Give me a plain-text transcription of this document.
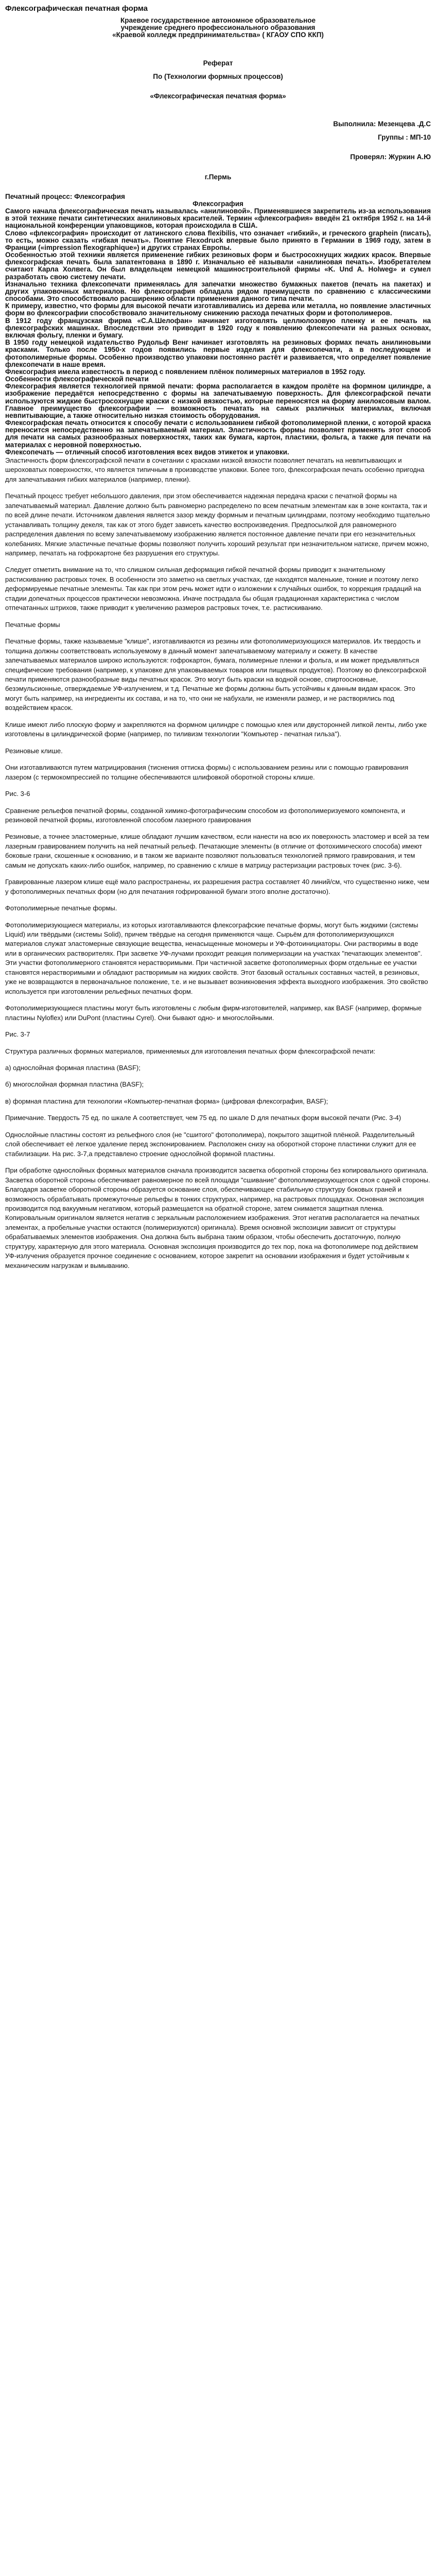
Флексографическая печатная форма
Краевое государственное автономное образовательное
учреждение среднего профессионального образования
«Краевой колледж предпринимательства» ( КГАОУ СПО ККП)
Реферат
По (Технологии формных процессов)
«Флексографическая печатная форма»
Выполнила: Мезенцева .Д.С
Группы : МП-10
Проверял: Журкин А.Ю
г.Пермь
Печатный процесс: Флексография
Флексография
Самого начала флексографическая печать называлась «анилиновой». Применявшиеся закрепитель из-за использования в этой технике печати синтетических анилиновых красителей. Термин «флексография» введён 21 октября 1952 г. на 14-й национальной конференции упаковщиков, которая происходила в США.
Слово «флексография» происходит от латинского слова flexibilis, что означает «гибкий», и греческого graphein (писать), то есть, можно сказать «гибкая печать». Понятие Flexodruck впервые было принято в Германии в 1969 году, затем в Франции («impression flexographique») и других странах Европы.
Особенностью этой техники является применение гибких резиновых форм и быстросохнущих жидких красок. Впервые флексографская печать была запатентована в 1890 г. Изначально её называли «анилиновая печать». Изобретателем считают Карла Холвега. Он был владельцем немецкой машиностроительной фирмы «K. Und A. Holweg» и сумел разработать свою систему печати.
Изначально техника флексопечати применялась для запечатки множество бумажных пакетов (печать на пакетах) и других упаковочных материалов. Но флексография обладала рядом преимуществ по сравнению с классическими способами. Это способствовало расширению области применения данного типа печати.
К примеру, известно, что формы для высокой печати изготавливались из дерева или металла, но появление эластичных форм во флексографии способствовало значительному снижению расхода печатных форм и фотополимеров.
В 1912 году французская фирма «С.А.Шелофан» начинает изготовлять целлюлозовую пленку и ее печать на флексографских машинах. Впоследствии это приводит в 1920 году к появлению флексопечати на разных основах, включая фольгу, пленки и бумагу.
В 1950 году немецкой издательство Рудольф Венг начинает изготовлять на резиновых формах печать анилиновыми красками. Только после 1950-х годов появились первые изделия для флексопечати, а в последующем и фотополимерные формы. Особенно производство упаковки постоянно растёт и развивается, что определяет появление флексопечати в наше время.
Флексография имела известность в период с появлением плёнок полимерных материалов в 1952 году.
Особенности флексографической печати
Флексография является технологией прямой печати: форма располагается в каждом пролёте на формном цилиндре, а изображение передаётся непосредственно с формы на запечатываемую поверхность. Для флексографской печати используются жидкие быстросохнущие краски с низкой вязкостью, которые переносятся на форму анилоксовым валом. Главное преимущество флексографии — возможность печатать на самых различных материалах, включая невпитывающие, а также относительно низкая стоимость оборудования.
Флексографская печать относится к способу печати с использованием гибкой фотополимерной пленки, с которой краска переносится непосредственно на запечатываемый материал. Эластичность формы позволяет применять этот способ для печати на самых разнообразных поверхностях, таких как бумага, картон, пластики, фольга, а также для печати на материалах с неровной поверхностью.
Флексопечать — отличный способ изготовления всех видов этикеток и упаковки.

Эластичность форм флексографской печати в сочетании с красками низкой вязкости позволяет печатать на невпитывающих и шероховатых поверхностях, что является типичным в производстве упаковки. Более того, флексографская печать особенно пригодна для запечатывания гибких материалов (например, пленки).

Печатный процесс требует небольшого давления, при этом обеспечивается надежная передача краски с печатной формы на запечатываемый материал. Давление должно быть равномерно распределено по всем печатным элементам как в зоне контакта, так и по всей длине печати. Источником давления является зазор между формным и печатным цилиндрами, поэтому необходимо тщательно устанавливать толщину декеля, так как от этого будет зависеть качество воспроизведения. Предпосылкой для равномерного распределения давления по всему запечатываемому изображению является постоянное давление печати при его незначительных колебаниях. Мягкие эластичные печатные формы позволяют получить хороший результат при незначительном натиске, причем можно, например, печатать на гофрокартоне без разрушения его структуры.

Следует отметить внимание на то, что слишком сильная деформация гибкой печатной формы приводит к значительному растискиванию растровых точек. В особенности это заметно на светлых участках, где находятся маленькие, тонкие и поэтому легко деформируемые печатные элементы. Так как при этом речь может идти о изложении к случайных ошибок, то коррекция градаций на стадии допечатных процессов практически невозможна. Иначе пострадала бы общая градационная характеристика с числом отпечатанных штрихов, также приводит к увеличению размеров растровых точек, т.е. растискиванию.

Печатные формы

Печатные формы, также называемые "клише", изготавливаются из резины или фотополимеризующихся материалов. Их твердость и толщина должны соответствовать используемому в данный момент запечатываемому материалу и сюжету. В качестве запечатываемых материалов широко используются: гофрокартон, бумага, полимерные пленки и фольга, и им может предъявляться специфические требования (например, к упаковке для упаковываемых товаров или пищевых продуктов). Поэтому во флексографской печати применяются разнообразные виды печатных красок. Это могут быть краски на водной основе, спиртоосновные, безэмульсионные, отверждаемые УФ-излучением, и т.д. Печатные же формы должны быть устойчивы к данным видам красок. Это могут быть например, на ингредиенты их состава, и на то, что они не набухали, не изменяли размер, и не растворялись под воздействием красок.

Клише имеют либо плоскую форму и закрепляются на формном цилиндре с помощью клея или двусторонней липкой ленты, либо уже изготовлены в цилиндрической форме (например, по тиливизм технологии "Компьютер - печатная гильза").

Резиновые клише.

Они изготавливаются путем матрицирования (тиснения оттиска формы) с использованием резины или с помощью гравирования лазером (с термокомпрессией по толщине обеспечиваются шлифовкой оборотной стороны клише.

Рис. 3-6

Сравнение рельефов печатной формы, созданной химико-фотографическим способом из фотополимеризуемого компонента, и резиновой печатной формы, изготовленной способом лазерного гравирования

Резиновые, а точнее эластомерные, клише обладают лучшим качеством, если нанести на всю их поверхность эластомер и всей за тем лазерным гравированием получить на ней печатный рельеф. Печатающие элементы (в отличие от фотохимического способа) имеют боковые грани, скошенные к основанию, и в таком же варианте позволяют пользоваться технологией прямого гравирования, и тем самым не допускать каких-либо ошибок, например, по сравнению с клише в матрицу растеризации растровых точек (рис. 3-6).

Гравированные лазером клише ещё мало распространены, их разрешения растра составляет 40 линий/см, что существенно ниже, чем у фотополимерных печатных форм (но для печатания гофрированной бумаги этого вполне достаточно).

Фотополимерные печатные формы.

Фотополимеризующиеся материалы, из которых изготавливаются флексографские печатные формы, могут быть жидкими (системы Liquid) или твёрдыми (системы Solid), причем твёрдые на сегодня применяются чаще. Сырьём для фотополимеризующихся материалов служат эластомерные связующие вещества, ненасыщенные мономеры и УФ-фотоинициаторы. Они растворимы в воде или в органических растворителях. При засветке УФ-лучами проходит реакция полимеризации на участках "печатающих элементов". Эти участки фотополимерного становятся нерастворимыми. При частичной засветке фотополимерных форм отдельные ее участки становятся нерастворимыми и обладают растворимым на жидких свойств. Этот базовый остальных составных частей, в резиновых, уже не возвращаются в первоначальное положение, т.е. и не вызывает возникновения эффекта выходного изображения. Это свойство используется при изготовлении рельефных печатных форм.

Фотополимеризующиеся пластины могут быть изготовлены с любым фирм-изготовителей, например, как BASF (например, формные пластины Nyloflex) или DuPont (пластины Cyrel). Они бывают одно- и многослойными.

Рис. 3-7

Структура различных формных материалов, применяемых для изготовления печатных форм флексографской печати:

a) однослойная формная пластина (BASF);

б) многослойная формная пластина (BASF);

в) формная пластина для технологии «Компьютер-печатная форма» (цифровая флексография, BASF);

Примечание. Твердость 75 ед. по шкале А соответствует, чем 75 ед. по шкале D для печатных форм высокой печати (Рис. 3-4)

Однослойные пластины состоят из рельефного слоя (не "сшитого" фотополимера), покрытого защитной плёнкой. Разделительный слой обеспечивает её легкое удаление перед экспонированием. Расположен снизу на оборотной стороне пластинки служит для ее стабилизации. На рис. 3-7,а представлено строение однослойной формной пластины.

При обработке однослойных формных материалов сначала производится засветка оборотной стороны без копировального оригинала. Засветка оборотной стороны обеспечивает равномерное по всей площади "сшивание" фотополимеризующегося слоя с одной стороны. Благодаря засветке оборотной стороны образуется основание слоя, обеспечивающее стабильную структуру боковых граней и возможность обрабатывать промежуточные рельефы в тонких структурах, например, на растровых площадках. Основная экспозиция производится под вакуумным негативом, который размещается на обратной стороне, затем снимается защитная пленка. Копировальным оригиналом является негатив с зеркальным расположением изображения. Этот негатив располагается на печатных элементах, а пробельные участки остаются (полимеризуются) оригинала). Время основной экспозиции зависит от структуры обрабатываемых элементов изображения. Она должна быть выбрана таким образом, чтобы обеспечить достаточную, полную структуру, характерную для этого материала. Основная экспозиция производится до тех пор, пока на фотополимере под действием УФ-излучения образуется прочное соединение с основанием, которое закрепит на основании изображения и будет устойчивым к механическим нагрузкам и вымыванию.
